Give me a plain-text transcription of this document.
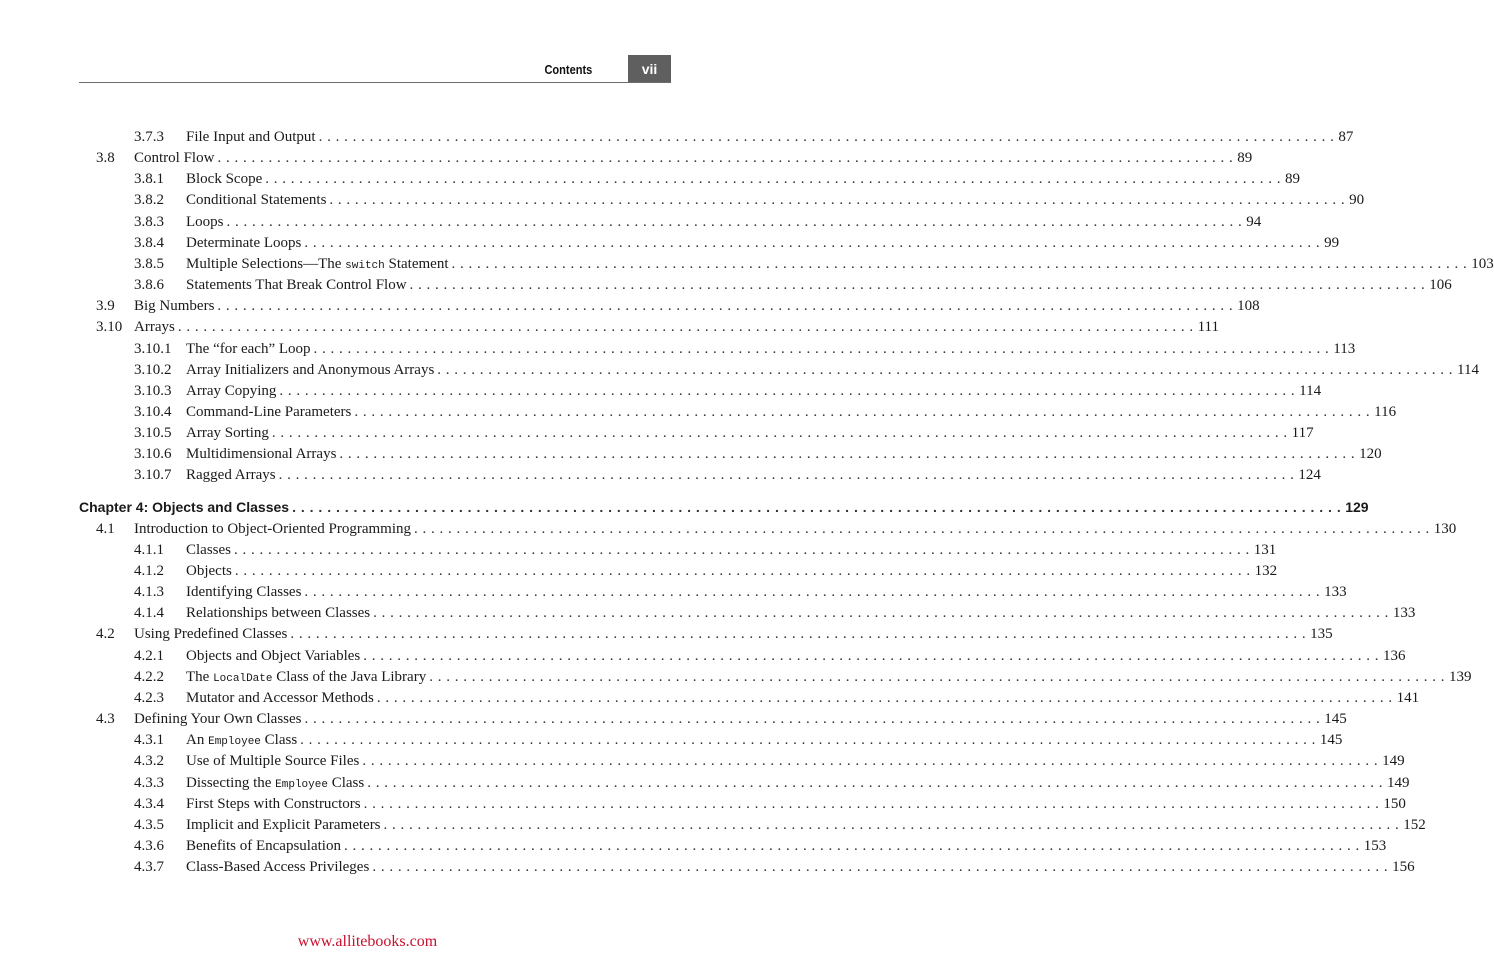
Contents	vii
3.7.3 File Input and Output . . . . . . . . . . . . . . . . . . . . . . . . . . . . . . . . . . . . . . . . . . . . . . . . . . . . . . . . . . . . . . . . . . . . . . . . . . . . . . . . . . . . . . . . . . . . . . . . . . . . . . . . . . . . . . . . . . . . . . . . 87
3.8 Control Flow . . . . . . . . . . . . . . . . . . . . . . . . . . . . . . . . . . . . . . . . . . . . . . . . . . . . . . . . . . . . . . . . . . . . . . . . . . . . . . . . . . . . . . . . . . . . . . . . . . . . . . . . . . . . . . . . . . . . . . . . 89
3.8.1 Block Scope . . . . . . . . . . . . . . . . . . . . . . . . . . . . . . . . . . . . . . . . . . . . . . . . . . . . . . . . . . . . . . . . . . . . . . . . . . . . . . . . . . . . . . . . . . . . . . . . . . . . . . . . . . . . . . . . . . . . . . . . 89
3.8.2 Conditional Statements . . . . . . . . . . . . . . . . . . . . . . . . . . . . . . . . . . . . . . . . . . . . . . . . . . . . . . . . . . . . . . . . . . . . . . . . . . . . . . . . . . . . . . . . . . . . . . . . . . . . . . . . . . . . . . . . . . . . . . . . 90
3.8.3 Loops . . . . . . . . . . . . . . . . . . . . . . . . . . . . . . . . . . . . . . . . . . . . . . . . . . . . . . . . . . . . . . . . . . . . . . . . . . . . . . . . . . . . . . . . . . . . . . . . . . . . . . . . . . . . . . . . . . . . . . . . 94
3.8.4 Determinate Loops . . . . . . . . . . . . . . . . . . . . . . . . . . . . . . . . . . . . . . . . . . . . . . . . . . . . . . . . . . . . . . . . . . . . . . . . . . . . . . . . . . . . . . . . . . . . . . . . . . . . . . . . . . . . . . . . . . . . . . . . 99
3.8.5 Multiple Selections—The switch Statement . . . . . . . . . . . . . . . . . . . . . . . . . . . . . . . . . . . . . . . . . . . . . . . . . . . . . . . . . . . . . . . . . . . . . . . . . . . . . . . . . . . . . . . . . . . . . . . . . . . . . . . . . . . . . . . . . . . . . . . . 103
3.8.6 Statements That Break Control Flow . . . . . . . . . . . . . . . . . . . . . . . . . . . . . . . . . . . . . . . . . . . . . . . . . . . . . . . . . . . . . . . . . . . . . . . . . . . . . . . . . . . . . . . . . . . . . . . . . . . . . . . . . . . . . . . . . . . . . . . . 106
3.9 Big Numbers . . . . . . . . . . . . . . . . . . . . . . . . . . . . . . . . . . . . . . . . . . . . . . . . . . . . . . . . . . . . . . . . . . . . . . . . . . . . . . . . . . . . . . . . . . . . . . . . . . . . . . . . . . . . . . . . . . . . . . . . 108
3.10 Arrays . . . . . . . . . . . . . . . . . . . . . . . . . . . . . . . . . . . . . . . . . . . . . . . . . . . . . . . . . . . . . . . . . . . . . . . . . . . . . . . . . . . . . . . . . . . . . . . . . . . . . . . . . . . . . . . . . . . . . . . . 111
3.10.1 The “for each” Loop . . . . . . . . . . . . . . . . . . . . . . . . . . . . . . . . . . . . . . . . . . . . . . . . . . . . . . . . . . . . . . . . . . . . . . . . . . . . . . . . . . . . . . . . . . . . . . . . . . . . . . . . . . . . . . . . . . . . . . . . 113
3.10.2 Array Initializers and Anonymous Arrays . . . . . . . . . . . . . . . . . . . . . . . . . . . . . . . . . . . . . . . . . . . . . . . . . . . . . . . . . . . . . . . . . . . . . . . . . . . . . . . . . . . . . . . . . . . . . . . . . . . . . . . . . . . . . . . . . . . . . . . . 114
3.10.3 Array Copying . . . . . . . . . . . . . . . . . . . . . . . . . . . . . . . . . . . . . . . . . . . . . . . . . . . . . . . . . . . . . . . . . . . . . . . . . . . . . . . . . . . . . . . . . . . . . . . . . . . . . . . . . . . . . . . . . . . . . . . . 114
3.10.4 Command-Line Parameters . . . . . . . . . . . . . . . . . . . . . . . . . . . . . . . . . . . . . . . . . . . . . . . . . . . . . . . . . . . . . . . . . . . . . . . . . . . . . . . . . . . . . . . . . . . . . . . . . . . . . . . . . . . . . . . . . . . . . . . . 116
3.10.5 Array Sorting . . . . . . . . . . . . . . . . . . . . . . . . . . . . . . . . . . . . . . . . . . . . . . . . . . . . . . . . . . . . . . . . . . . . . . . . . . . . . . . . . . . . . . . . . . . . . . . . . . . . . . . . . . . . . . . . . . . . . . . . 117
3.10.6 Multidimensional Arrays . . . . . . . . . . . . . . . . . . . . . . . . . . . . . . . . . . . . . . . . . . . . . . . . . . . . . . . . . . . . . . . . . . . . . . . . . . . . . . . . . . . . . . . . . . . . . . . . . . . . . . . . . . . . . . . . . . . . . . . . 120
3.10.7 Ragged Arrays . . . . . . . . . . . . . . . . . . . . . . . . . . . . . . . . . . . . . . . . . . . . . . . . . . . . . . . . . . . . . . . . . . . . . . . . . . . . . . . . . . . . . . . . . . . . . . . . . . . . . . . . . . . . . . . . . . . . . . . . 124
Chapter 4: Objects and Classes . . . . . . . . . . . . . . . . . . . . . . . . . . . . . . . . . . . . . . . . . . . . . . . . . . . . . . . . . . . . . . . . . . . . . . . . . . . . . . . . . . . . . . . . . . . . . . . . . . . . . . . . . . . . . . . . . . . . . . . . 129
4.1 Introduction to Object-Oriented Programming . . . . . . . . . . . . . . . . . . . . . . . . . . . . . . . . . . . . . . . . . . . . . . . . . . . . . . . . . . . . . . . . . . . . . . . . . . . . . . . . . . . . . . . . . . . . . . . . . . . . . . . . . . . . . . . . . . . . . . . . 130
4.1.1 Classes . . . . . . . . . . . . . . . . . . . . . . . . . . . . . . . . . . . . . . . . . . . . . . . . . . . . . . . . . . . . . . . . . . . . . . . . . . . . . . . . . . . . . . . . . . . . . . . . . . . . . . . . . . . . . . . . . . . . . . . . 131
4.1.2 Objects . . . . . . . . . . . . . . . . . . . . . . . . . . . . . . . . . . . . . . . . . . . . . . . . . . . . . . . . . . . . . . . . . . . . . . . . . . . . . . . . . . . . . . . . . . . . . . . . . . . . . . . . . . . . . . . . . . . . . . . . 132
4.1.3 Identifying Classes . . . . . . . . . . . . . . . . . . . . . . . . . . . . . . . . . . . . . . . . . . . . . . . . . . . . . . . . . . . . . . . . . . . . . . . . . . . . . . . . . . . . . . . . . . . . . . . . . . . . . . . . . . . . . . . . . . . . . . . . 133
4.1.4 Relationships between Classes . . . . . . . . . . . . . . . . . . . . . . . . . . . . . . . . . . . . . . . . . . . . . . . . . . . . . . . . . . . . . . . . . . . . . . . . . . . . . . . . . . . . . . . . . . . . . . . . . . . . . . . . . . . . . . . . . . . . . . . . 133
4.2 Using Predefined Classes . . . . . . . . . . . . . . . . . . . . . . . . . . . . . . . . . . . . . . . . . . . . . . . . . . . . . . . . . . . . . . . . . . . . . . . . . . . . . . . . . . . . . . . . . . . . . . . . . . . . . . . . . . . . . . . . . . . . . . . . 135
4.2.1 Objects and Object Variables . . . . . . . . . . . . . . . . . . . . . . . . . . . . . . . . . . . . . . . . . . . . . . . . . . . . . . . . . . . . . . . . . . . . . . . . . . . . . . . . . . . . . . . . . . . . . . . . . . . . . . . . . . . . . . . . . . . . . . . . 136
4.2.2 The LocalDate Class of the Java Library . . . . . . . . . . . . . . . . . . . . . . . . . . . . . . . . . . . . . . . . . . . . . . . . . . . . . . . . . . . . . . . . . . . . . . . . . . . . . . . . . . . . . . . . . . . . . . . . . . . . . . . . . . . . . . . . . . . . . . . . 139
4.2.3 Mutator and Accessor Methods . . . . . . . . . . . . . . . . . . . . . . . . . . . . . . . . . . . . . . . . . . . . . . . . . . . . . . . . . . . . . . . . . . . . . . . . . . . . . . . . . . . . . . . . . . . . . . . . . . . . . . . . . . . . . . . . . . . . . . . . 141
4.3 Defining Your Own Classes . . . . . . . . . . . . . . . . . . . . . . . . . . . . . . . . . . . . . . . . . . . . . . . . . . . . . . . . . . . . . . . . . . . . . . . . . . . . . . . . . . . . . . . . . . . . . . . . . . . . . . . . . . . . . . . . . . . . . . . . 145
4.3.1 An Employee Class . . . . . . . . . . . . . . . . . . . . . . . . . . . . . . . . . . . . . . . . . . . . . . . . . . . . . . . . . . . . . . . . . . . . . . . . . . . . . . . . . . . . . . . . . . . . . . . . . . . . . . . . . . . . . . . . . . . . . . . . 145
4.3.2 Use of Multiple Source Files . . . . . . . . . . . . . . . . . . . . . . . . . . . . . . . . . . . . . . . . . . . . . . . . . . . . . . . . . . . . . . . . . . . . . . . . . . . . . . . . . . . . . . . . . . . . . . . . . . . . . . . . . . . . . . . . . . . . . . . . 149
4.3.3 Dissecting the Employee Class . . . . . . . . . . . . . . . . . . . . . . . . . . . . . . . . . . . . . . . . . . . . . . . . . . . . . . . . . . . . . . . . . . . . . . . . . . . . . . . . . . . . . . . . . . . . . . . . . . . . . . . . . . . . . . . . . . . . . . . . 149
4.3.4 First Steps with Constructors . . . . . . . . . . . . . . . . . . . . . . . . . . . . . . . . . . . . . . . . . . . . . . . . . . . . . . . . . . . . . . . . . . . . . . . . . . . . . . . . . . . . . . . . . . . . . . . . . . . . . . . . . . . . . . . . . . . . . . . . 150
4.3.5 Implicit and Explicit Parameters . . . . . . . . . . . . . . . . . . . . . . . . . . . . . . . . . . . . . . . . . . . . . . . . . . . . . . . . . . . . . . . . . . . . . . . . . . . . . . . . . . . . . . . . . . . . . . . . . . . . . . . . . . . . . . . . . . . . . . . . 152
4.3.6 Benefits of Encapsulation . . . . . . . . . . . . . . . . . . . . . . . . . . . . . . . . . . . . . . . . . . . . . . . . . . . . . . . . . . . . . . . . . . . . . . . . . . . . . . . . . . . . . . . . . . . . . . . . . . . . . . . . . . . . . . . . . . . . . . . . 153
4.3.7 Class-Based Access Privileges . . . . . . . . . . . . . . . . . . . . . . . . . . . . . . . . . . . . . . . . . . . . . . . . . . . . . . . . . . . . . . . . . . . . . . . . . . . . . . . . . . . . . . . . . . . . . . . . . . . . . . . . . . . . . . . . . . . . . . . . 156
www.allitebooks.com
